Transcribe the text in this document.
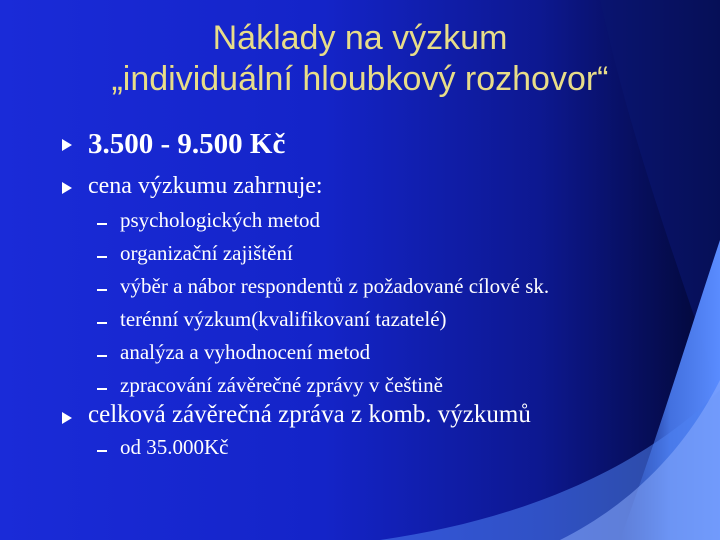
Náklady na výzkum
„individuální hloubkový rozhovor“
3.500 - 9.500 Kč
cena výzkumu zahrnuje:
psychologických metod
organizační zajištění
výběr a nábor respondentů z požadované cílové sk.
terénní výzkum(kvalifikovaní tazatelé)
analýza a vyhodnocení metod
zpracování závěrečné zprávy v češtině
celková závěrečná zpráva z komb. výzkumů
od 35.000Kč
